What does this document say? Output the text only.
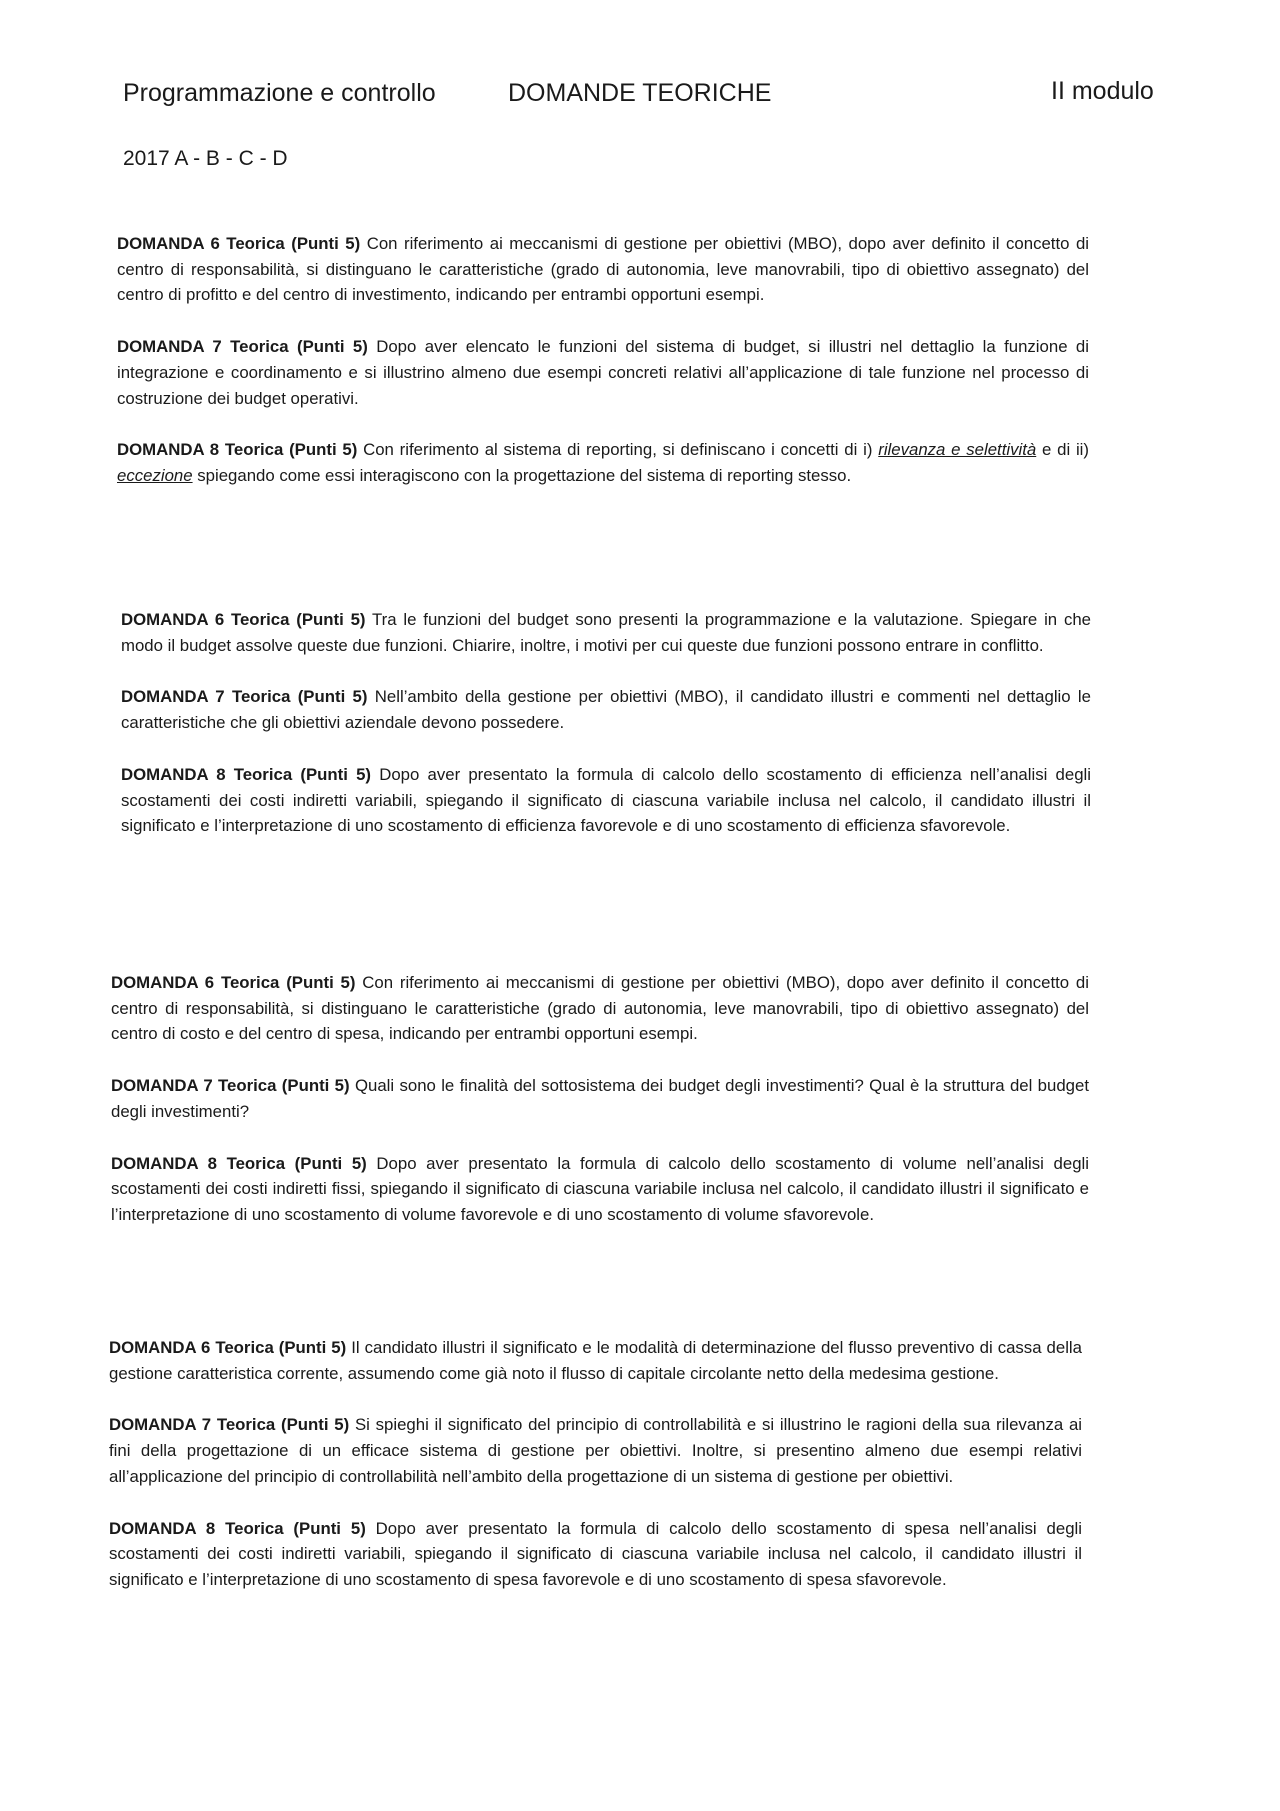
Programmazione e controllo	DOMANDE TEORICHE	II modulo
2017 A - B - C - D

DOMANDA 6 Teorica (Punti 5) Con riferimento ai meccanismi di gestione per obiettivi (MBO), dopo aver definito il concetto di centro di responsabilità, si distinguano le caratteristiche (grado di autonomia, leve manovrabili, tipo di obiettivo assegnato) del centro di profitto e del centro di investimento, indicando per entrambi opportuni esempi.

DOMANDA 7 Teorica (Punti 5) Dopo aver elencato le funzioni del sistema di budget, si illustri nel dettaglio la funzione di integrazione e coordinamento e si illustrino almeno due esempi concreti relativi all’applicazione di tale funzione nel processo di costruzione dei budget operativi.

DOMANDA 8 Teorica (Punti 5) Con riferimento al sistema di reporting, si definiscano i concetti di i) rilevanza e selettività e di ii) eccezione spiegando come essi interagiscono con la progettazione del sistema di reporting stesso.

DOMANDA 6 Teorica (Punti 5) Tra le funzioni del budget sono presenti la programmazione e la valutazione. Spiegare in che modo il budget assolve queste due funzioni. Chiarire, inoltre, i motivi per cui queste due funzioni possono entrare in conflitto.

DOMANDA 7 Teorica (Punti 5) Nell’ambito della gestione per obiettivi (MBO), il candidato illustri e commenti nel dettaglio le caratteristiche che gli obiettivi aziendale devono possedere.

DOMANDA 8 Teorica (Punti 5) Dopo aver presentato la formula di calcolo dello scostamento di efficienza nell’analisi degli scostamenti dei costi indiretti variabili, spiegando il significato di ciascuna variabile inclusa nel calcolo, il candidato illustri il significato e l’interpretazione di uno scostamento di efficienza favorevole e di uno scostamento di efficienza sfavorevole.

DOMANDA 6 Teorica (Punti 5) Con riferimento ai meccanismi di gestione per obiettivi (MBO), dopo aver definito il concetto di centro di responsabilità, si distinguano le caratteristiche (grado di autonomia, leve manovrabili, tipo di obiettivo assegnato) del centro di costo e del centro di spesa, indicando per entrambi opportuni esempi.

DOMANDA 7 Teorica (Punti 5) Quali sono le finalità del sottosistema dei budget degli investimenti? Qual è la struttura del budget degli investimenti?

DOMANDA 8 Teorica (Punti 5) Dopo aver presentato la formula di calcolo dello scostamento di volume nell’analisi degli scostamenti dei costi indiretti fissi, spiegando il significato di ciascuna variabile inclusa nel calcolo, il candidato illustri il significato e l’interpretazione di uno scostamento di volume favorevole e di uno scostamento di volume sfavorevole.

DOMANDA 6 Teorica (Punti 5) Il candidato illustri il significato e le modalità di determinazione del flusso preventivo di cassa della gestione caratteristica corrente, assumendo come già noto il flusso di capitale circolante netto della medesima gestione.

DOMANDA 7 Teorica (Punti 5) Si spieghi il significato del principio di controllabilità e si illustrino le ragioni della sua rilevanza ai fini della progettazione di un efficace sistema di gestione per obiettivi. Inoltre, si presentino almeno due esempi relativi all’applicazione del principio di controllabilità nell’ambito della progettazione di un sistema di gestione per obiettivi.

DOMANDA 8 Teorica (Punti 5) Dopo aver presentato la formula di calcolo dello scostamento di spesa nell’analisi degli scostamenti dei costi indiretti variabili, spiegando il significato di ciascuna variabile inclusa nel calcolo, il candidato illustri il significato e l’interpretazione di uno scostamento di spesa favorevole e di uno scostamento di spesa sfavorevole.
